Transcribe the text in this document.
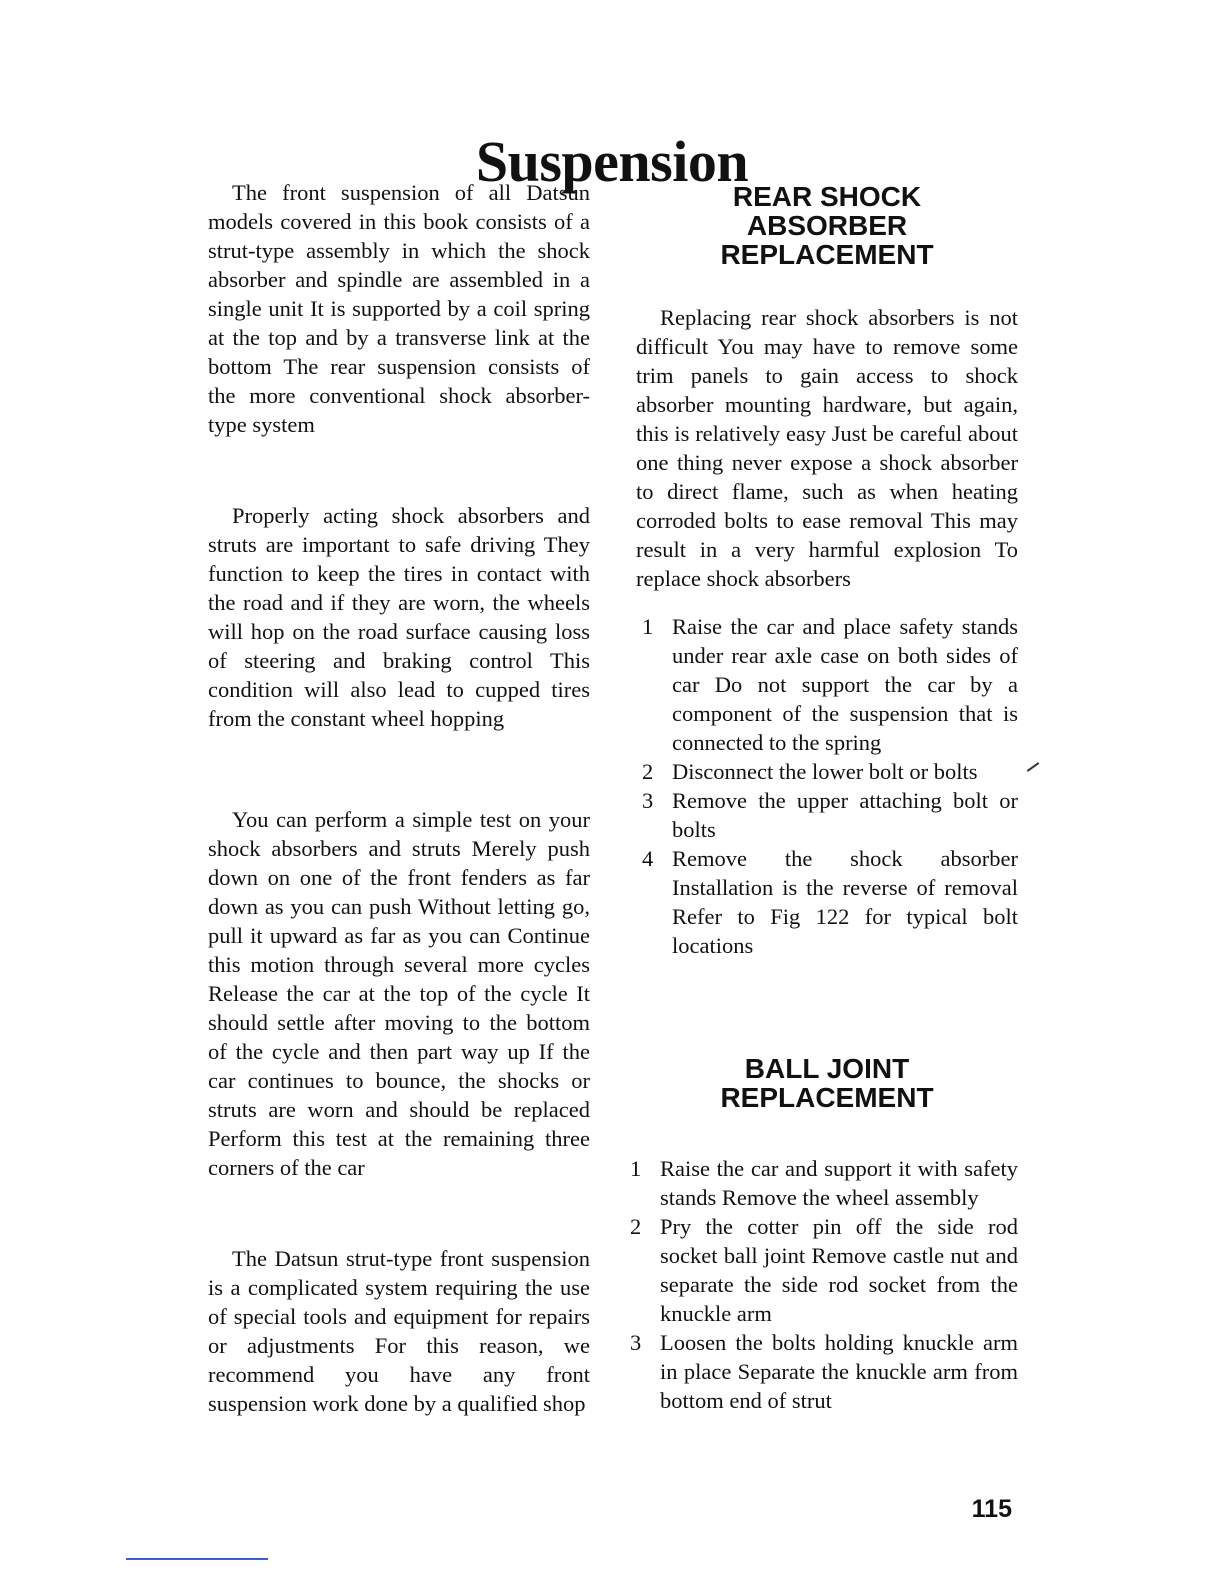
Suspension

The front suspension of all Datsun models covered in this book consists of a strut-type assembly in which the shock absorber and spindle are assembled in a single unit It is supported by a coil spring at the top and by a transverse link at the bottom The rear suspension consists of the more conventional shock absorber-type system

Properly acting shock absorbers and struts are important to safe driving They function to keep the tires in contact with the road and if they are worn, the wheels will hop on the road surface causing loss of steering and braking control This condition will also lead to cupped tires from the constant wheel hopping

You can perform a simple test on your shock absorbers and struts Merely push down on one of the front fenders as far down as you can push Without letting go, pull it upward as far as you can Continue this motion through several more cycles Release the car at the top of the cycle It should settle after moving to the bottom of the cycle and then part way up If the car continues to bounce, the shocks or struts are worn and should be replaced Perform this test at the remaining three corners of the car

The Datsun strut-type front suspension is a complicated system requiring the use of special tools and equipment for repairs or adjustments For this reason, we recommend you have any front suspension work done by a qualified shop

REAR SHOCK
ABSORBER
REPLACEMENT

Replacing rear shock absorbers is not difficult You may have to remove some trim panels to gain access to shock absorber mounting hardware, but again, this is relatively easy Just be careful about one thing never expose a shock absorber to direct flame, such as when heating corroded bolts to ease removal This may result in a very harmful explosion To replace shock absorbers

1 Raise the car and place safety stands under rear axle case on both sides of car Do not support the car by a component of the suspension that is connected to the spring
2 Disconnect the lower bolt or bolts
3 Remove the upper attaching bolt or bolts
4 Remove the shock absorber Installation is the reverse of removal Refer to Fig 122 for typical bolt locations
BALL JOINT
REPLACEMENT
1 Raise the car and support it with safety stands Remove the wheel assembly
2 Pry the cotter pin off the side rod socket ball joint Remove castle nut and separate the side rod socket from the knuckle arm
3 Loosen the bolts holding knuckle arm in place Separate the knuckle arm from bottom end of strut
115
